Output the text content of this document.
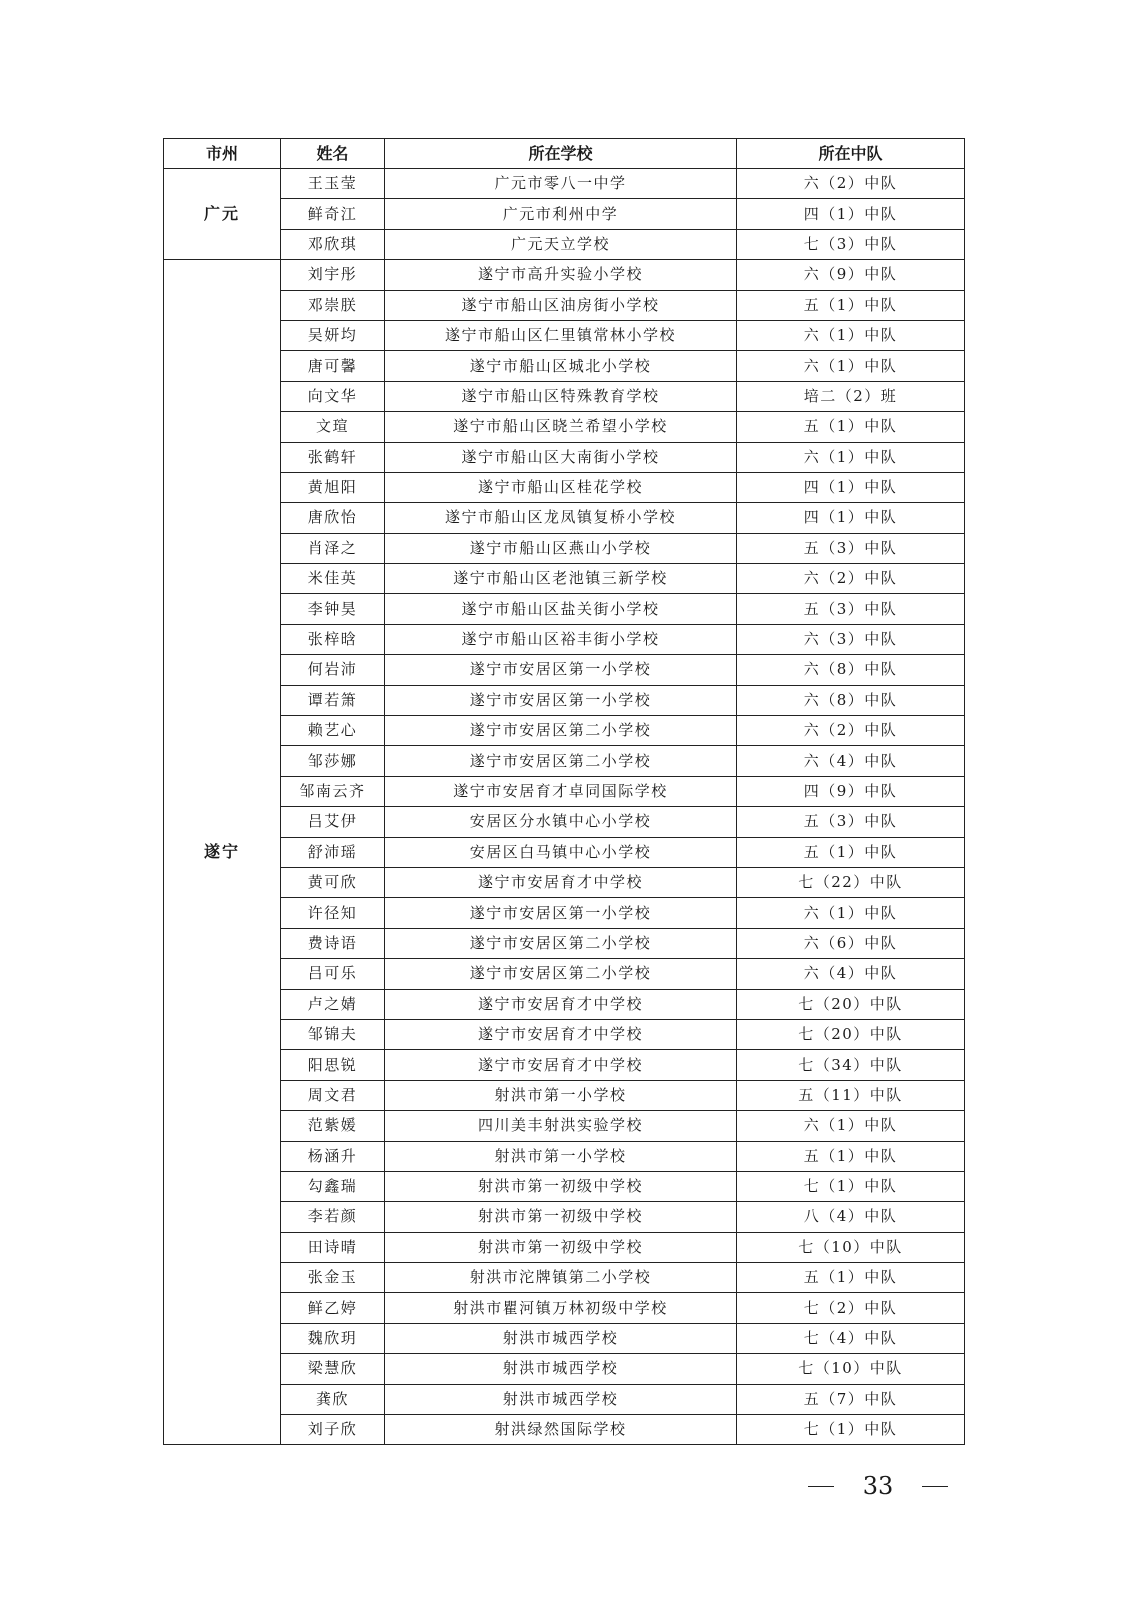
市州	姓名	所在学校	所在中队
广元	王玉莹	广元市零八一中学	六（2）中队
	鲜奇江	广元市利州中学	四（1）中队
	邓欣琪	广元天立学校	七（3）中队
遂宁	刘宇彤	遂宁市高升实验小学校	六（9）中队
	邓崇朕	遂宁市船山区油房街小学校	五（1）中队
	吴妍均	遂宁市船山区仁里镇常林小学校	六（1）中队
	唐可馨	遂宁市船山区城北小学校	六（1）中队
	向文华	遂宁市船山区特殊教育学校	培二（2）班
	文瑄	遂宁市船山区晓兰希望小学校	五（1）中队
	张鹤轩	遂宁市船山区大南街小学校	六（1）中队
	黄旭阳	遂宁市船山区桂花学校	四（1）中队
	唐欣怡	遂宁市船山区龙凤镇复桥小学校	四（1）中队
	肖泽之	遂宁市船山区燕山小学校	五（3）中队
	米佳英	遂宁市船山区老池镇三新学校	六（2）中队
	李钟昊	遂宁市船山区盐关街小学校	五（3）中队
	张梓晗	遂宁市船山区裕丰街小学校	六（3）中队
	何岩沛	遂宁市安居区第一小学校	六（8）中队
	谭若箫	遂宁市安居区第一小学校	六（8）中队
	赖艺心	遂宁市安居区第二小学校	六（2）中队
	邹莎娜	遂宁市安居区第二小学校	六（4）中队
	邹南云齐	遂宁市安居育才卓同国际学校	四（9）中队
	吕艾伊	安居区分水镇中心小学校	五（3）中队
	舒沛瑶	安居区白马镇中心小学校	五（1）中队
	黄可欣	遂宁市安居育才中学校	七（22）中队
	许径知	遂宁市安居区第一小学校	六（1）中队
	费诗语	遂宁市安居区第二小学校	六（6）中队
	吕可乐	遂宁市安居区第二小学校	六（4）中队
	卢之婧	遂宁市安居育才中学校	七（20）中队
	邹锦夫	遂宁市安居育才中学校	七（20）中队
	阳思锐	遂宁市安居育才中学校	七（34）中队
	周文君	射洪市第一小学校	五（11）中队
	范紫媛	四川美丰射洪实验学校	六（1）中队
	杨涵升	射洪市第一小学校	五（1）中队
	勾鑫瑞	射洪市第一初级中学校	七（1）中队
	李若颜	射洪市第一初级中学校	八（4）中队
	田诗晴	射洪市第一初级中学校	七（10）中队
	张金玉	射洪市沱牌镇第二小学校	五（1）中队
	鲜乙婷	射洪市瞿河镇万林初级中学校	七（2）中队
	魏欣玥	射洪市城西学校	七（4）中队
	梁慧欣	射洪市城西学校	七（10）中队
	龚欣	射洪市城西学校	五（7）中队
	刘子欣	射洪绿然国际学校	七（1）中队
33
